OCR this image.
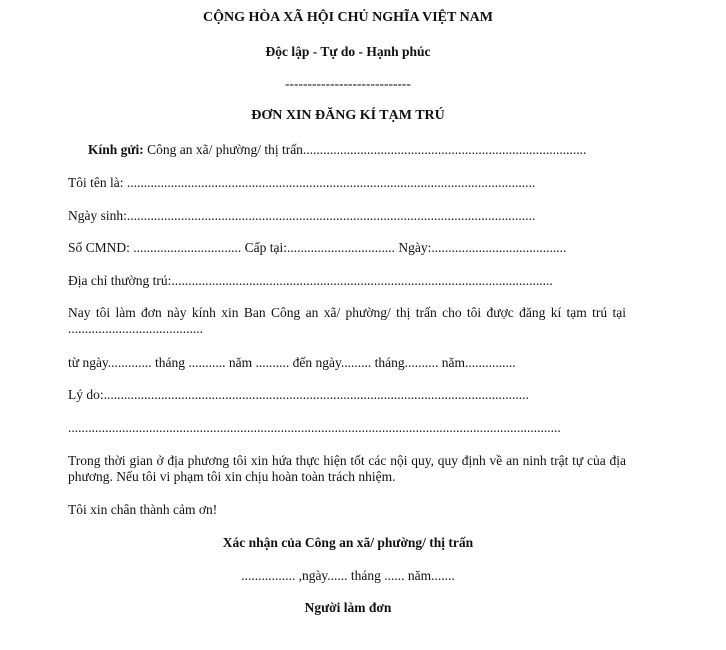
CỘNG HÒA XÃ HỘI CHỦ NGHĨA VIỆT NAM
Độc lập - Tự do - Hạnh phúc
----------------------------
ĐƠN XIN ĐĂNG KÍ TẠM TRÚ
Kính gửi: Công an xã/ phường/ thị trấn....................................................................................
Tôi tên là: .........................................................................................................................
Ngày sinh:.........................................................................................................................
Số CMND: ................................ Cấp tại:................................ Ngày:........................................
Địa chỉ thường trú:.................................................................................................................
Nay tôi làm đơn này kính xin Ban Công an xã/ phường/ thị trấn cho tôi được đăng kí tạm trú tại ........................................
từ ngày............. tháng ........... năm .......... đến ngày......... tháng.......... năm...............
Lý do:..............................................................................................................................
..................................................................................................................................................
Trong thời gian ở địa phương tôi xin hứa thực hiện tốt các nội quy, quy định về an ninh trật tự của địa phương. Nếu tôi vi phạm tôi xin chịu hoàn toàn trách nhiệm.
Tôi xin chân thành cảm ơn!
Xác nhận của Công an xã/ phường/ thị trấn
................ ,ngày...... tháng ...... năm.......
Người làm đơn
